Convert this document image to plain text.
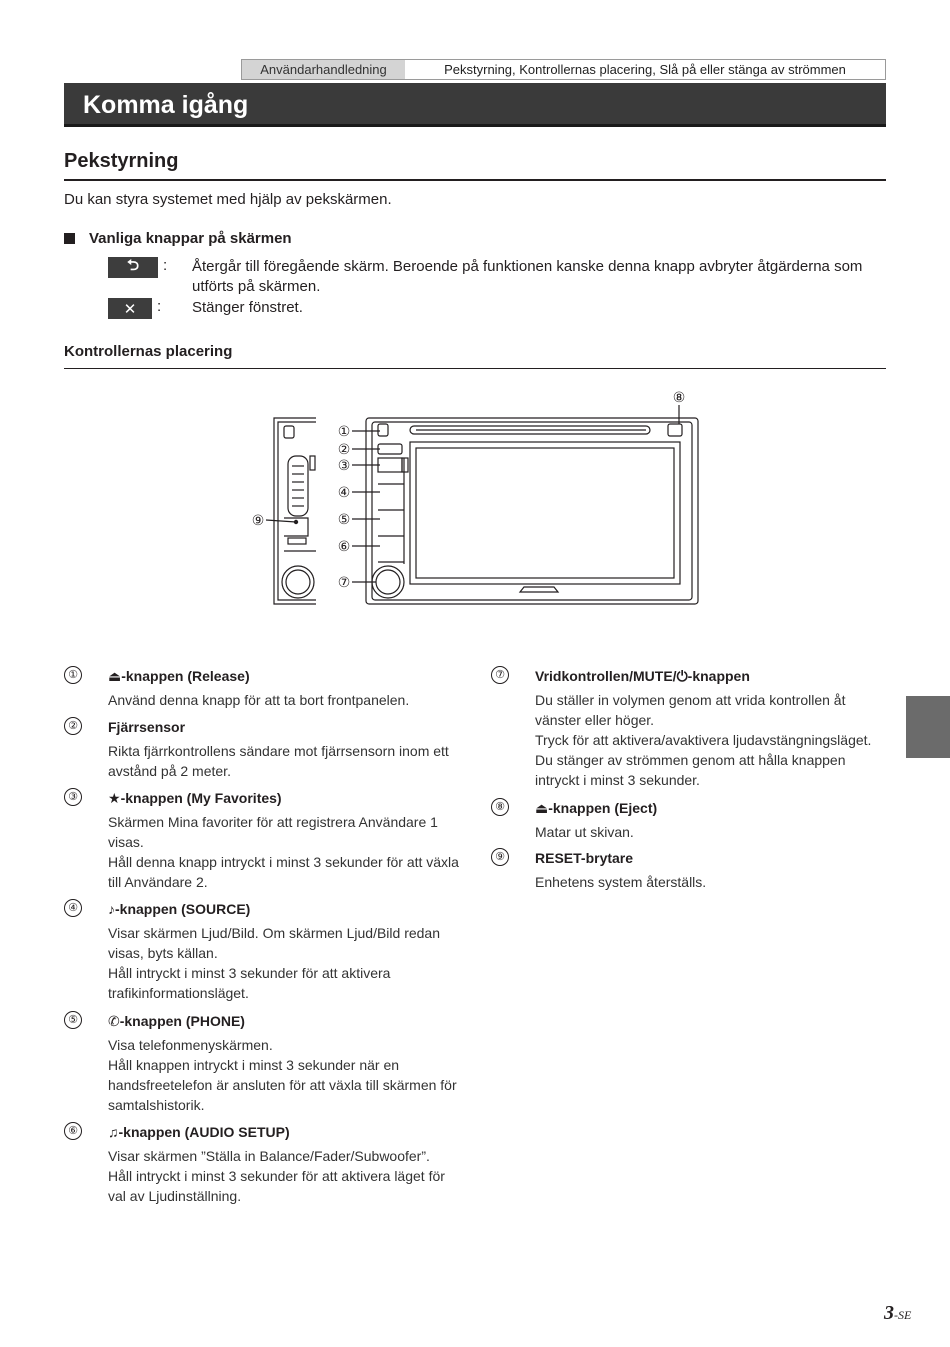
Användarhandledning	Pekstyrning, Kontrollernas placering, Slå på eller stänga av strömmen
Komma igång
Pekstyrning
Du kan styra systemet med hjälp av pekskärmen.
Vanliga knappar på skärmen
⮌	:	Återgår till föregående skärm. Beroende på funktionen kanske denna knapp avbryter åtgärderna som utförts på skärmen.
✕	:	Stänger fönstret.
Kontrollernas placering
①
②
③
④
⑤
⑥
⑦
⑧
⑨
① ⏏-knappen (Release)
Använd denna knapp för att ta bort frontpanelen.
② Fjärrsensor
Rikta fjärrkontrollens sändare mot fjärrsensorn inom ett avstånd på 2 meter.
③ ★-knappen (My Favorites)
Skärmen Mina favoriter för att registrera Användare 1 visas.
Håll denna knapp intryckt i minst 3 sekunder för att växla till Användare 2.
④ ♪-knappen (SOURCE)
Visar skärmen Ljud/Bild. Om skärmen Ljud/Bild redan visas, byts källan.
Håll intryckt i minst 3 sekunder för att aktivera trafikinformationsläget.
⑤ ✆-knappen (PHONE)
Visa telefonmenyskärmen.
Håll knappen intryckt i minst 3 sekunder när en handsfreetelefon är ansluten för att växla till skärmen för samtalshistorik.
⑥ ♫-knappen (AUDIO SETUP)
Visar skärmen ”Ställa in Balance/Fader/Subwoofer”.
Håll intryckt i minst 3 sekunder för att aktivera läget för val av Ljudinställning.
⑦ Vridkontrollen/MUTE/⏻-knappen
Du ställer in volymen genom att vrida kontrollen åt vänster eller höger.
Tryck för att aktivera/avaktivera ljudavstängningsläget.
Du stänger av strömmen genom att hålla knappen intryckt i minst 3 sekunder.
⑧ ⏏-knappen (Eject)
Matar ut skivan.
⑨ RESET-brytare
Enhetens system återställs.
3-SE
